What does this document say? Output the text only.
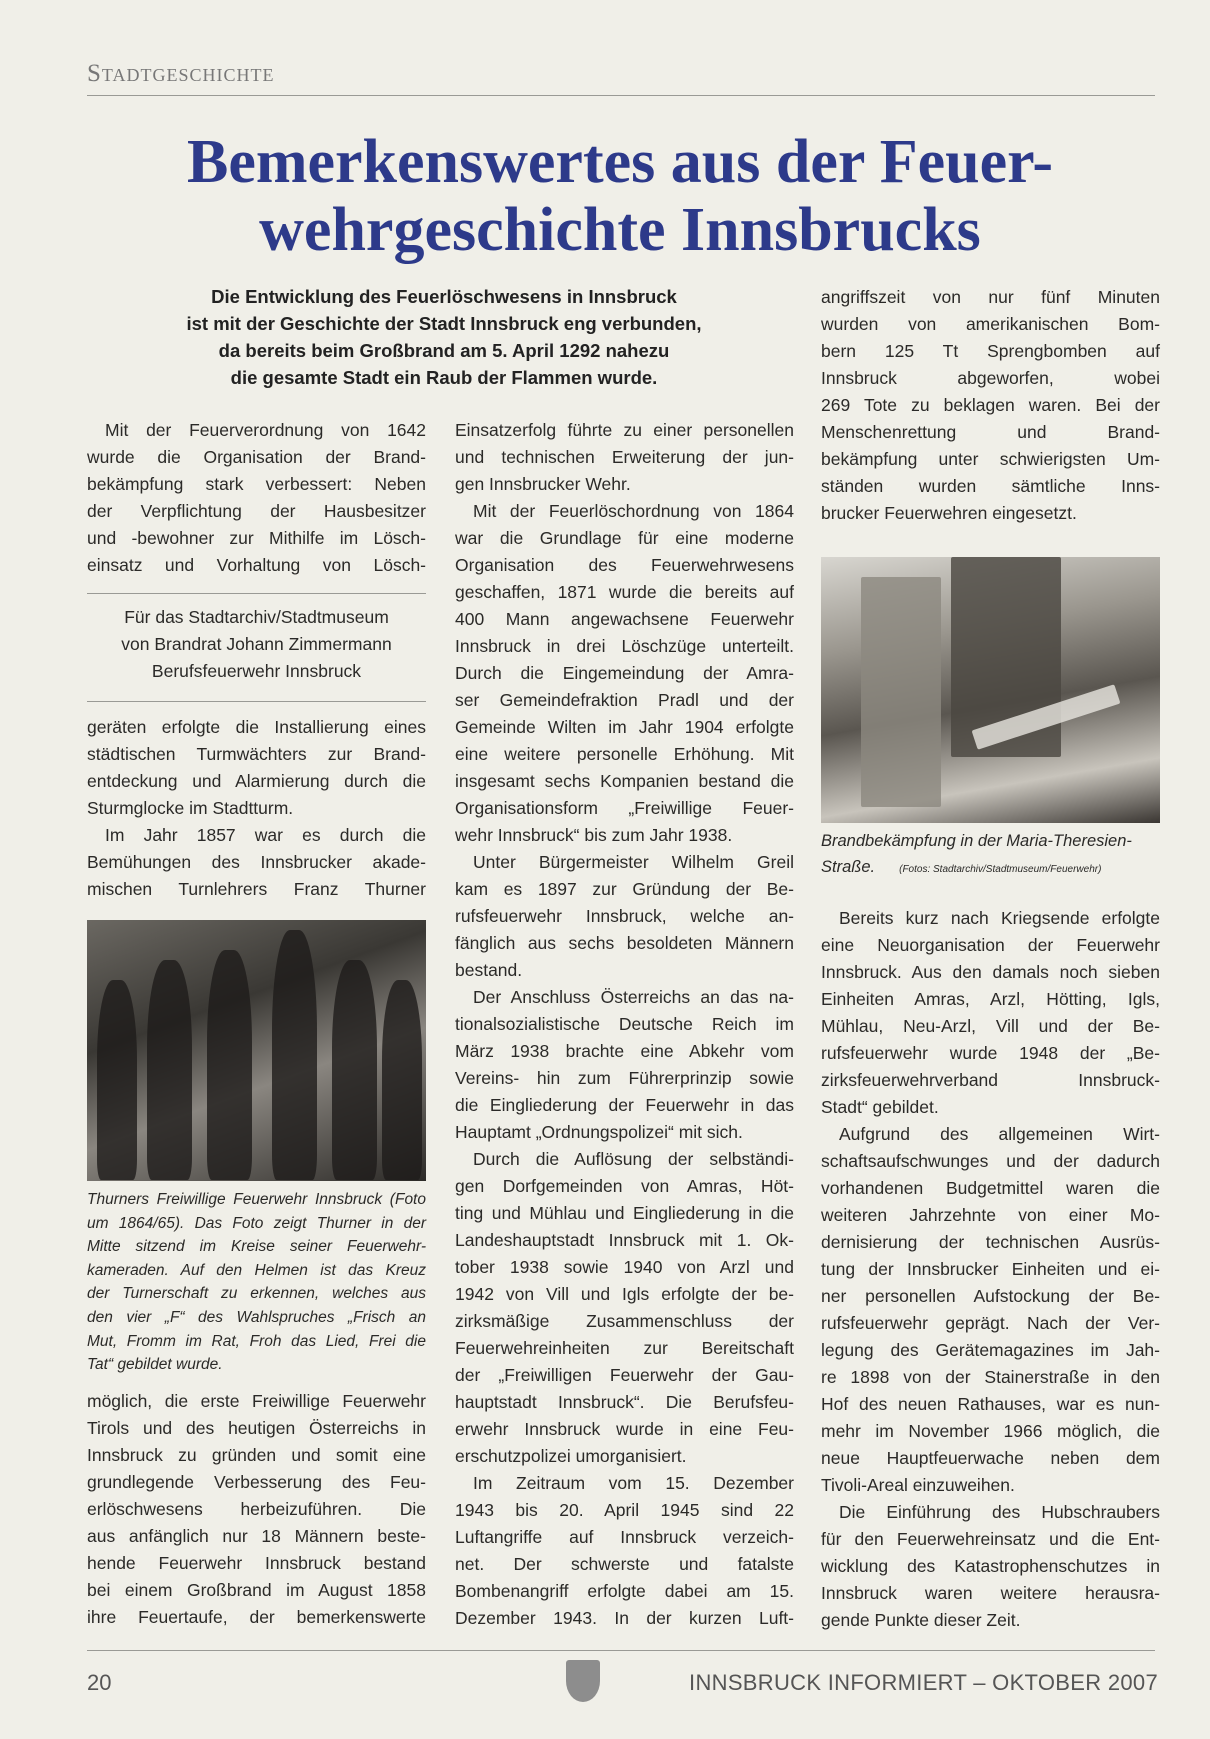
Stadtgeschichte
Bemerkenswertes aus der Feuer-
wehrgeschichte Innsbrucks
Die Entwicklung des Feuerlöschwesens in Innsbruck
ist mit der Geschichte der Stadt Innsbruck eng verbunden,
da bereits beim Großbrand am 5. April 1292 nahezu
die gesamte Stadt ein Raub der Flammen wurde.
Mit der Feuerverordnung von 1642
wurde die Organisation der Brand-
bekämpfung stark verbessert: Neben
der Verpflichtung der Hausbesitzer
und -bewohner zur Mithilfe im Lösch-
einsatz und Vorhaltung von Lösch-
Für das Stadtarchiv/Stadtmuseum
von Brandrat Johann Zimmermann
Berufsfeuerwehr Innsbruck
geräten erfolgte die Installierung eines
städtischen Turmwächters zur Brand-
entdeckung und Alarmierung durch die
Sturmglocke im Stadtturm.
Im Jahr 1857 war es durch die
Bemühungen des Innsbrucker akade-
mischen Turnlehrers Franz Thurner
Thurners Freiwillige Feuerwehr Innsbruck (Foto
um 1864/65). Das Foto zeigt Thurner in der
Mitte sitzend im Kreise seiner Feuerwehr-
kameraden. Auf den Helmen ist das Kreuz
der Turnerschaft zu erkennen, welches aus
den vier „F“ des Wahlspruches „Frisch an
Mut, Fromm im Rat, Froh das Lied, Frei die
Tat“ gebildet wurde.
möglich, die erste Freiwillige Feuerwehr
Tirols und des heutigen Österreichs in
Innsbruck zu gründen und somit eine
grundlegende Verbesserung des Feu-
erlöschwesens herbeizuführen. Die
aus anfänglich nur 18 Männern beste-
hende Feuerwehr Innsbruck bestand
bei einem Großbrand im August 1858
ihre Feuertaufe, der bemerkenswerte
Einsatzerfolg führte zu einer personellen
und technischen Erweiterung der jun-
gen Innsbrucker Wehr.
Mit der Feuerlöschordnung von 1864
war die Grundlage für eine moderne
Organisation des Feuerwehrwesens
geschaffen, 1871 wurde die bereits auf
400 Mann angewachsene Feuerwehr
Innsbruck in drei Löschzüge unterteilt.
Durch die Eingemeindung der Amra-
ser Gemeindefraktion Pradl und der
Gemeinde Wilten im Jahr 1904 erfolgte
eine weitere personelle Erhöhung. Mit
insgesamt sechs Kompanien bestand die
Organisationsform „Freiwillige Feuer-
wehr Innsbruck“ bis zum Jahr 1938.
Unter Bürgermeister Wilhelm Greil
kam es 1897 zur Gründung der Be-
rufsfeuerwehr Innsbruck, welche an-
fänglich aus sechs besoldeten Männern
bestand.
Der Anschluss Österreichs an das na-
tionalsozialistische Deutsche Reich im
März 1938 brachte eine Abkehr vom
Vereins- hin zum Führerprinzip sowie
die Eingliederung der Feuerwehr in das
Hauptamt „Ordnungspolizei“ mit sich.
Durch die Auflösung der selbständi-
gen Dorfgemeinden von Amras, Höt-
ting und Mühlau und Eingliederung in die
Landeshauptstadt Innsbruck mit 1. Ok-
tober 1938 sowie 1940 von Arzl und
1942 von Vill und Igls erfolgte der be-
zirksmäßige Zusammenschluss der
Feuerwehreinheiten zur Bereitschaft
der „Freiwilligen Feuerwehr der Gau-
hauptstadt Innsbruck“. Die Berufsfeu-
erwehr Innsbruck wurde in eine Feu-
erschutzpolizei umorganisiert.
Im Zeitraum vom 15. Dezember
1943 bis 20. April 1945 sind 22
Luftangriffe auf Innsbruck verzeich-
net. Der schwerste und fatalste
Bombenangriff erfolgte dabei am 15.
Dezember 1943. In der kurzen Luft-
angriffszeit von nur fünf Minuten
wurden von amerikanischen Bom-
bern 125 Tt Sprengbomben auf
Innsbruck abgeworfen, wobei
269 Tote zu beklagen waren. Bei der
Menschenrettung und Brand-
bekämpfung unter schwierigsten Um-
ständen wurden sämtliche Inns-
brucker Feuerwehren eingesetzt.
Brandbekämpfung in der Maria-Theresien-
Straße. (Fotos: Stadtarchiv/Stadtmuseum/Feuerwehr)
Bereits kurz nach Kriegsende erfolgte
eine Neuorganisation der Feuerwehr
Innsbruck. Aus den damals noch sieben
Einheiten Amras, Arzl, Hötting, Igls,
Mühlau, Neu-Arzl, Vill und der Be-
rufsfeuerwehr wurde 1948 der „Be-
zirksfeuerwehrverband Innsbruck-
Stadt“ gebildet.
Aufgrund des allgemeinen Wirt-
schaftsaufschwunges und der dadurch
vorhandenen Budgetmittel waren die
weiteren Jahrzehnte von einer Mo-
dernisierung der technischen Ausrüs-
tung der Innsbrucker Einheiten und ei-
ner personellen Aufstockung der Be-
rufsfeuerwehr geprägt. Nach der Ver-
legung des Gerätemagazines im Jah-
re 1898 von der Stainerstraße in den
Hof des neuen Rathauses, war es nun-
mehr im November 1966 möglich, die
neue Hauptfeuerwache neben dem
Tivoli-Areal einzuweihen.
Die Einführung des Hubschraubers
für den Feuerwehreinsatz und die Ent-
wicklung des Katastrophenschutzes in
Innsbruck waren weitere herausra-
gende Punkte dieser Zeit.
20	INNSBRUCK INFORMIERT – OKTOBER 2007
